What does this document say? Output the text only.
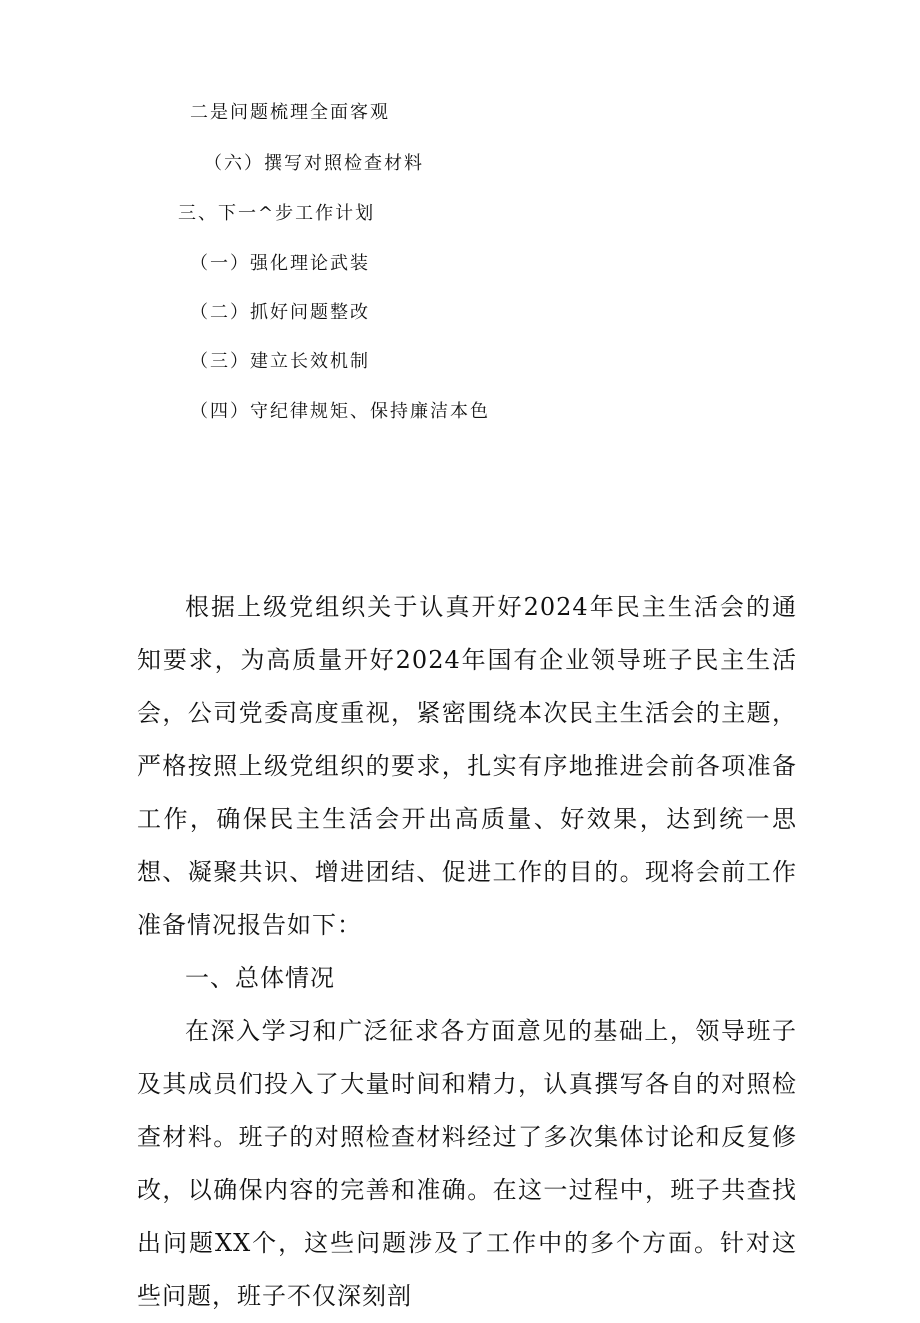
二是问题梳理全面客观
（六）撰写对照检查材料
三、下一^步工作计划
（一）强化理论武装
（二）抓好问题整改
（三）建立长效机制
（四）守纪律规矩、保持廉洁本色

根据上级党组织关于认真开好2024年民主生活会的通知要求，为高质量开好2024年国有企业领导班子民主生活会，公司党委高度重视，紧密围绕本次民主生活会的主题，严格按照上级党组织的要求，扎实有序地推进会前各项准备工作，确保民主生活会开出高质量、好效果，达到统一思想、凝聚共识、增进团结、促进工作的目的。现将会前工作准备情况报告如下：

一、总体情况

在深入学习和广泛征求各方面意见的基础上，领导班子及其成员们投入了大量时间和精力，认真撰写各自的对照检查材料。班子的对照检查材料经过了多次集体讨论和反复修改，以确保内容的完善和准确。在这一过程中，班子共查找出问题XX个，这些问题涉及了工作中的多个方面。针对这些问题，班子不仅深刻剖
